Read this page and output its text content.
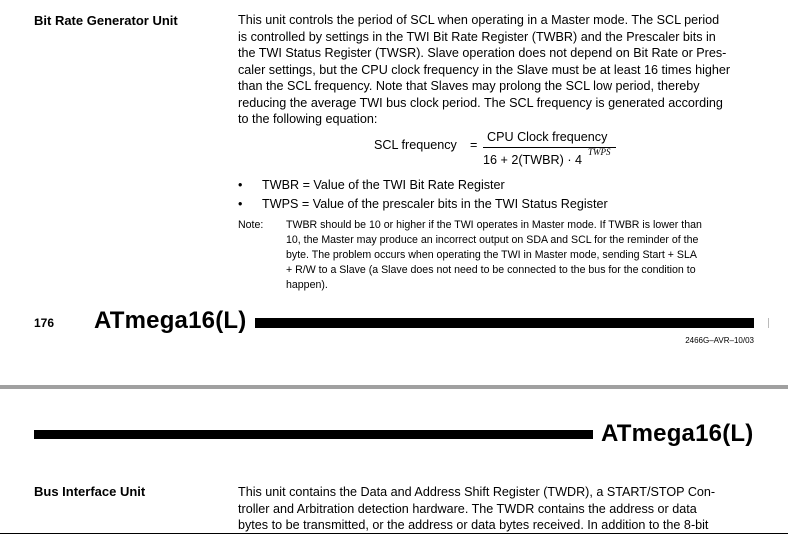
Bit Rate Generator Unit	This unit controls the period of SCL when operating in a Master mode. The SCL period
is controlled by settings in the TWI Bit Rate Register (TWBR) and the Prescaler bits in
the TWI Status Register (TWSR). Slave operation does not depend on Bit Rate or Pres-
caler settings, but the CPU clock frequency in the Slave must be at least 16 times higher
than the SCL frequency. Note that Slaves may prolong the SCL low period, thereby
reducing the average TWI bus clock period. The SCL frequency is generated according
to the following equation:
SCL frequency =
CPU Clock frequency
16 + 2(TWBR) · 4
TWPS
• TWBR = Value of the TWI Bit Rate Register
• TWPS = Value of the prescaler bits in the TWI Status Register
Note: TWBR should be 10 or higher if the TWI operates in Master mode. If TWBR is lower than
10, the Master may produce an incorrect output on SDA and SCL for the reminder of the
byte. The problem occurs when operating the TWI in Master mode, sending Start + SLA
+ R/W to a Slave (a Slave does not need to be connected to the bus for the condition to
happen).
176 ATmega16(L)
2466G–AVR–10/03
ATmega16(L)
Bus Interface Unit	This unit contains the Data and Address Shift Register (TWDR), a START/STOP Con-
troller and Arbitration detection hardware. The TWDR contains the address or data
bytes to be transmitted, or the address or data bytes received. In addition to the 8-bit
